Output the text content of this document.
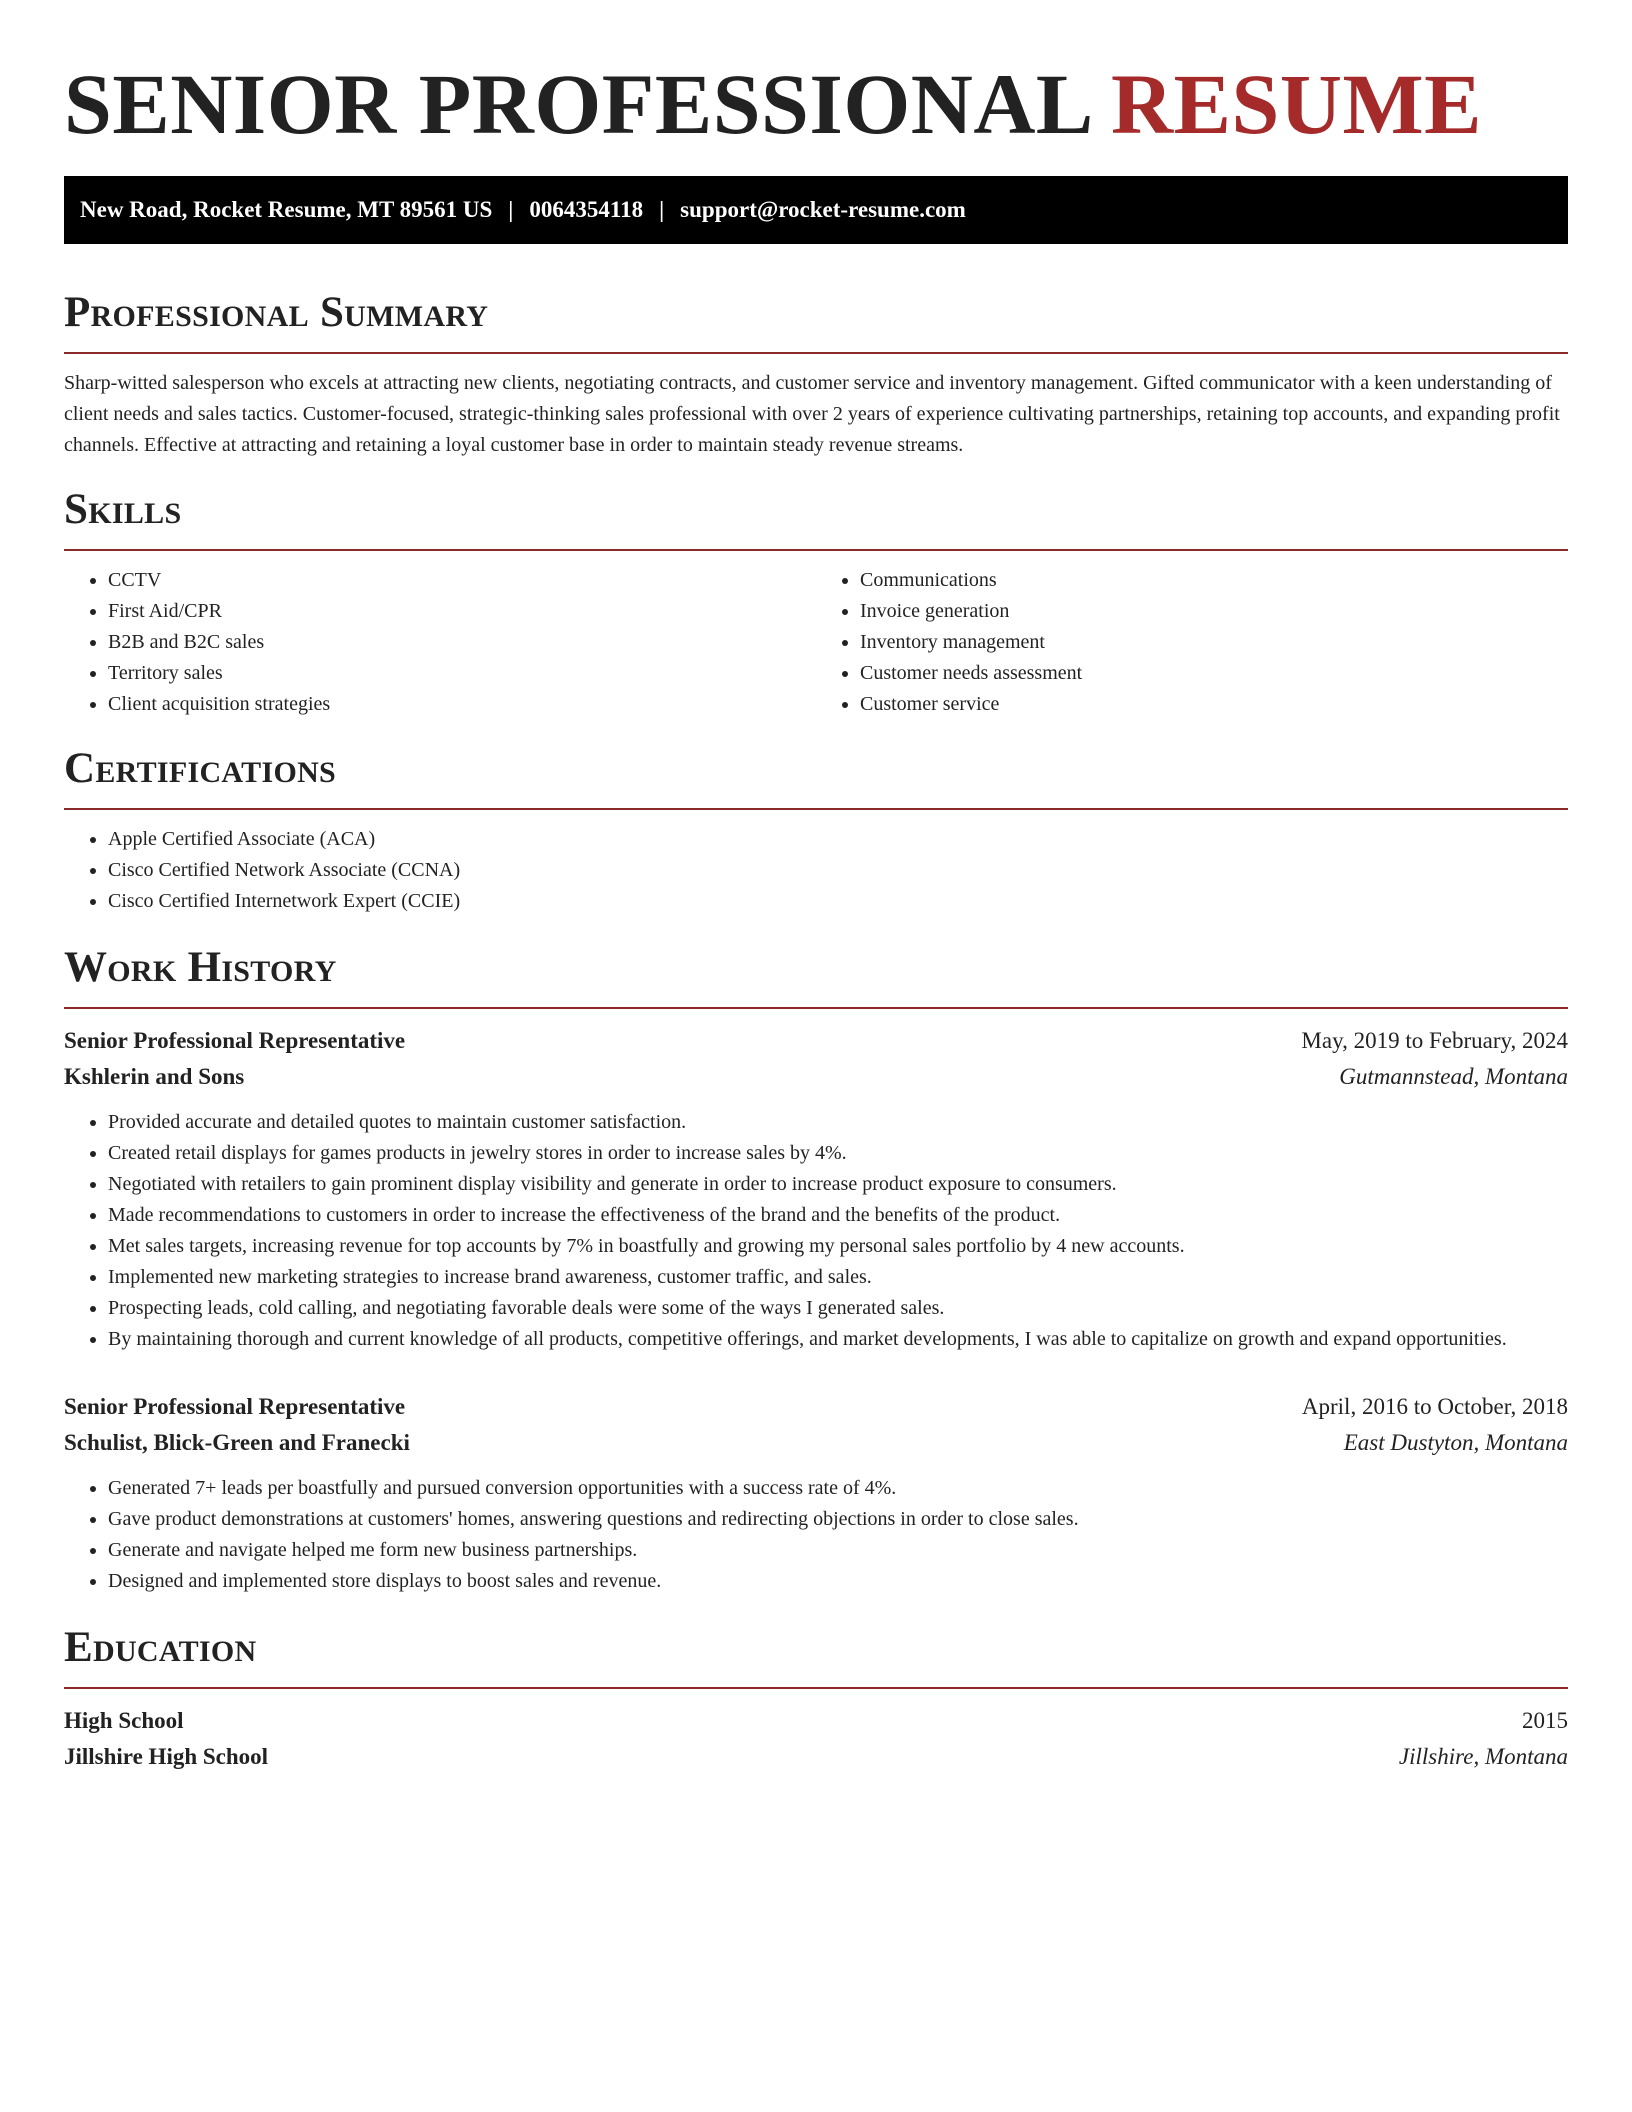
SENIOR PROFESSIONAL RESUME
New Road, Rocket Resume, MT 89561 US | 0064354118 | support@rocket-resume.com
Professional Summary

Sharp-witted salesperson who excels at attracting new clients, negotiating contracts, and customer service and inventory management. Gifted communicator with a keen understanding of client needs and sales tactics. Customer-focused, strategic-thinking sales professional with over 2 years of experience cultivating partnerships, retaining top accounts, and expanding profit channels. Effective at attracting and retaining a loyal customer base in order to maintain steady revenue streams.

Skills
• CCTV
• First Aid/CPR
• B2B and B2C sales
• Territory sales
• Client acquisition strategies
• Communications
• Invoice generation
• Inventory management
• Customer needs assessment
• Customer service
Certifications
• Apple Certified Associate (ACA)
• Cisco Certified Network Associate (CCNA)
• Cisco Certified Internetwork Expert (CCIE)
Work History
Senior Professional Representative	May, 2019 to February, 2024
Kshlerin and Sons	Gutmannstead, Montana
• Provided accurate and detailed quotes to maintain customer satisfaction.
• Created retail displays for games products in jewelry stores in order to increase sales by 4%.
• Negotiated with retailers to gain prominent display visibility and generate in order to increase product exposure to consumers.
• Made recommendations to customers in order to increase the effectiveness of the brand and the benefits of the product.
• Met sales targets, increasing revenue for top accounts by 7% in boastfully and growing my personal sales portfolio by 4 new accounts.
• Implemented new marketing strategies to increase brand awareness, customer traffic, and sales.
• Prospecting leads, cold calling, and negotiating favorable deals were some of the ways I generated sales.
• By maintaining thorough and current knowledge of all products, competitive offerings, and market developments, I was able to capitalize on growth and expand opportunities.
Senior Professional Representative	April, 2016 to October, 2018
Schulist, Blick-Green and Franecki	East Dustyton, Montana
• Generated 7+ leads per boastfully and pursued conversion opportunities with a success rate of 4%.
• Gave product demonstrations at customers' homes, answering questions and redirecting objections in order to close sales.
• Generate and navigate helped me form new business partnerships.
• Designed and implemented store displays to boost sales and revenue.
Education
High School	2015
Jillshire High School	Jillshire, Montana
